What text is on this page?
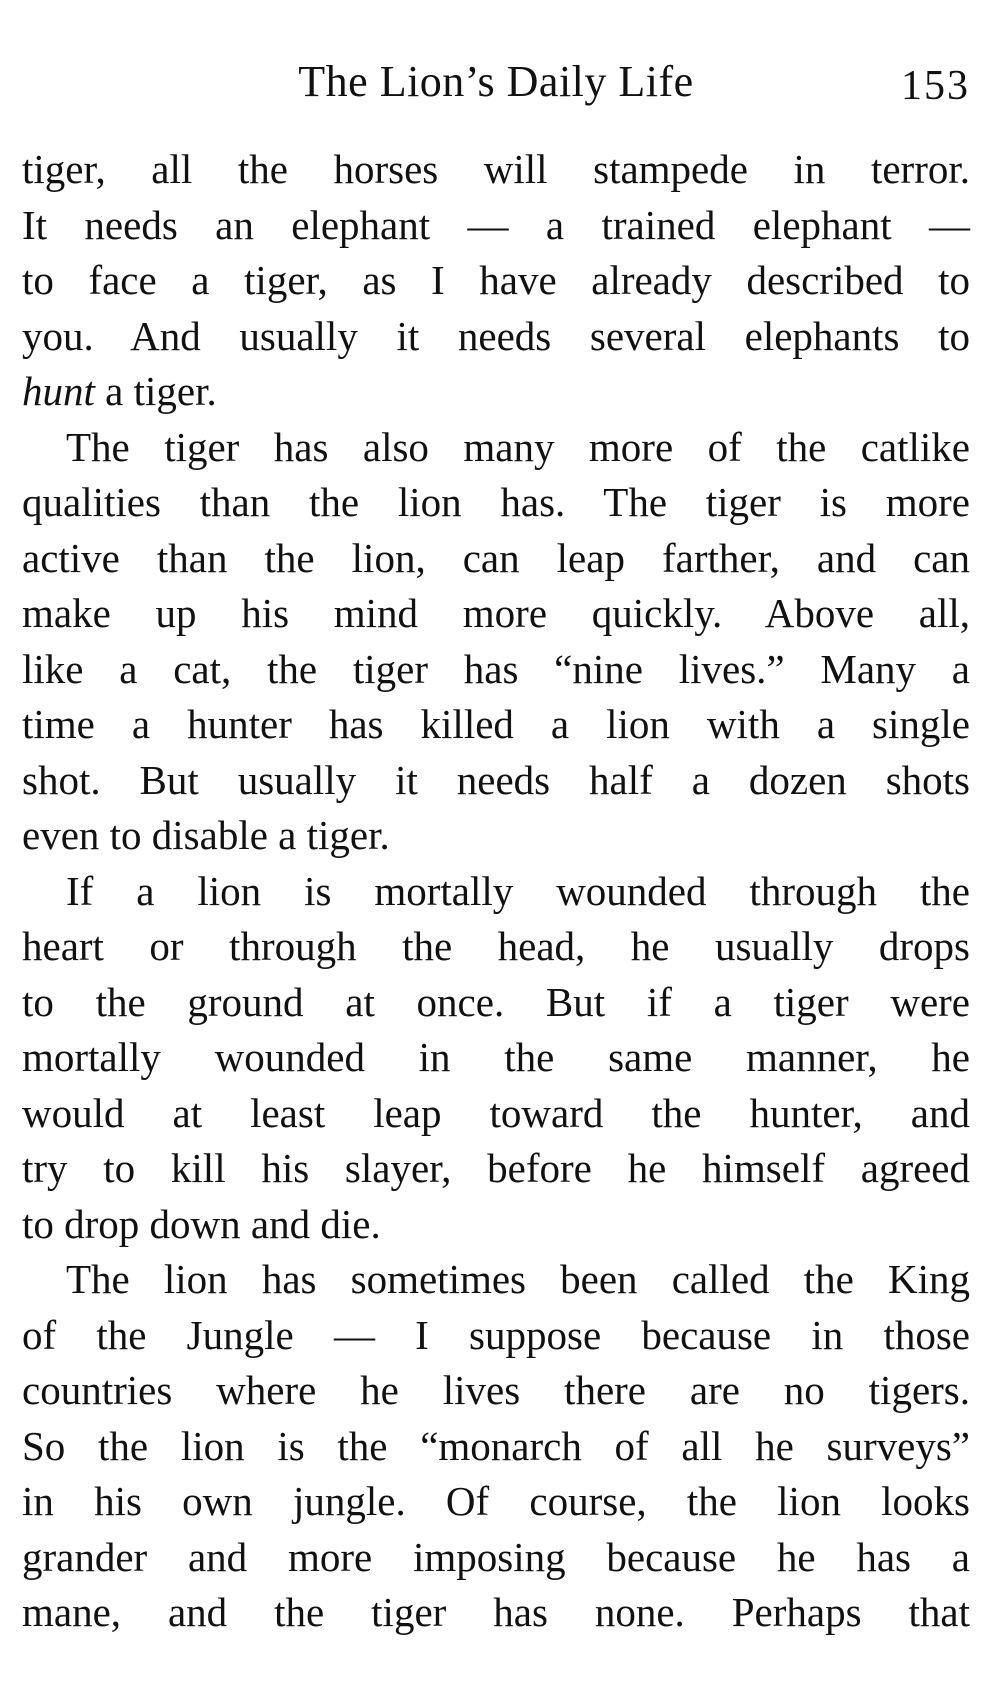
The Lion’s Daily Life	153
tiger, all the horses will stampede in terror.
It needs an elephant — a trained elephant —
to face a tiger, as I have already described to
you. And usually it needs several elephants to
hunt a tiger.
The tiger has also many more of the catlike
qualities than the lion has. The tiger is more
active than the lion, can leap farther, and can
make up his mind more quickly. Above all,
like a cat, the tiger has “nine lives.” Many a
time a hunter has killed a lion with a single
shot. But usually it needs half a dozen shots
even to disable a tiger.
If a lion is mortally wounded through the
heart or through the head, he usually drops
to the ground at once. But if a tiger were
mortally wounded in the same manner, he
would at least leap toward the hunter, and
try to kill his slayer, before he himself agreed
to drop down and die.
The lion has sometimes been called the King
of the Jungle — I suppose because in those
countries where he lives there are no tigers.
So the lion is the “monarch of all he surveys”
in his own jungle. Of course, the lion looks
grander and more imposing because he has a
mane, and the tiger has none. Perhaps that
